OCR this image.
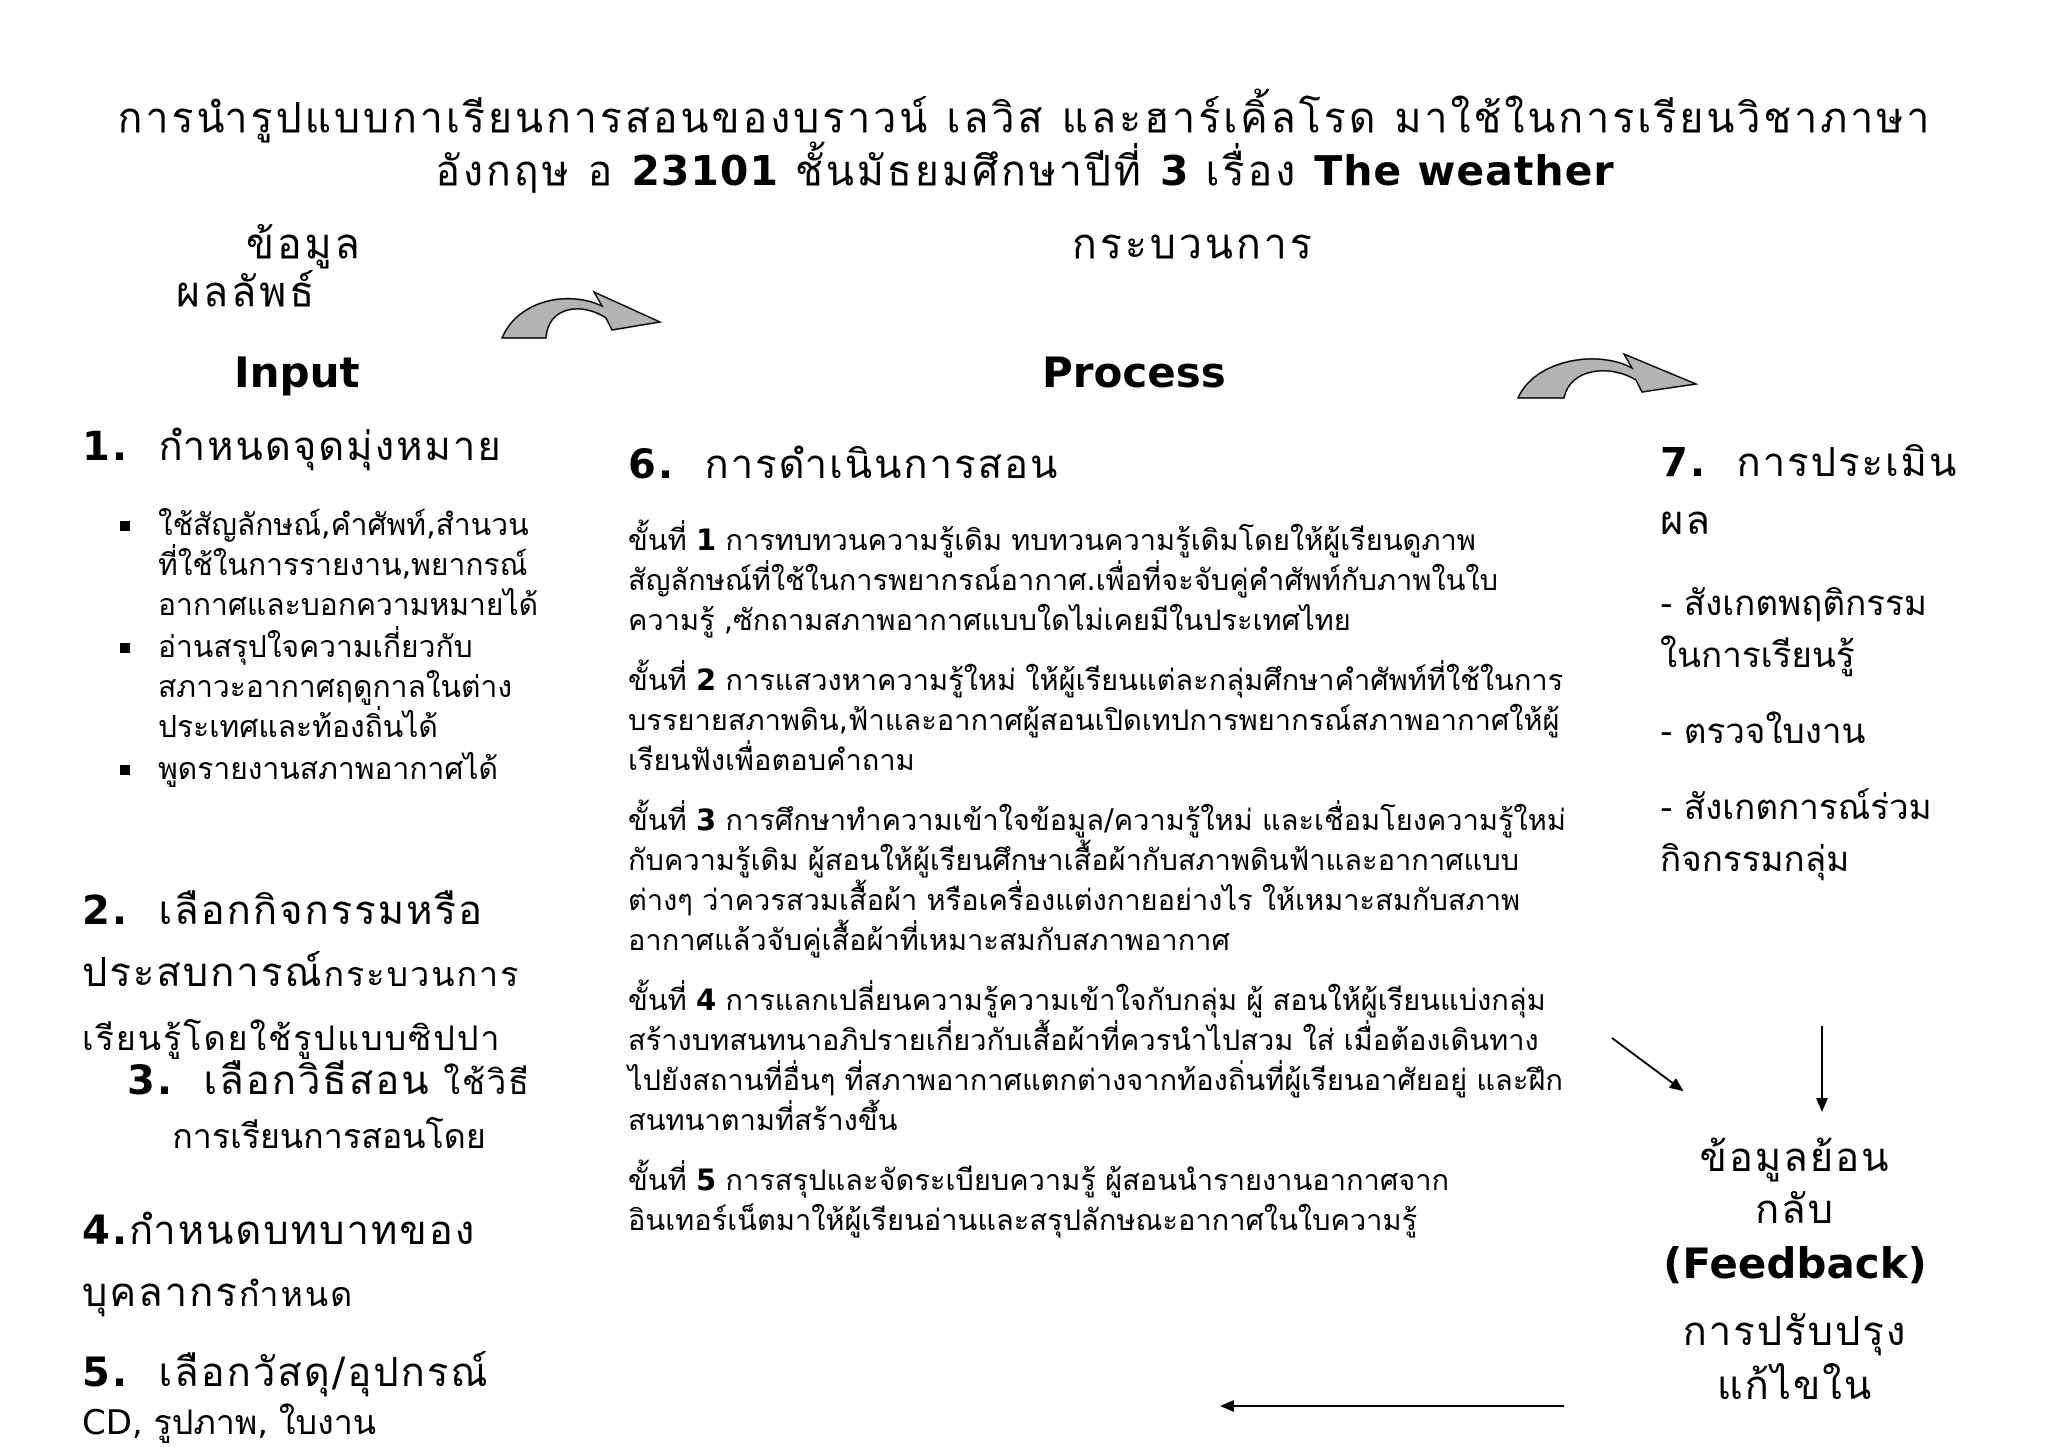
การนำรูปแบบกาเรียนการสอนของบราวน์ เลวิส และฮาร์เคิ้ลโรด มาใช้ในการเรียนวิชาภาษา
อังกฤษ อ 23101 ชั้นมัธยมศึกษาปีที่ 3 เรื่อง The weather
ข้อมูล
ผลลัพธ์
Input
กระบวนการ
Process
1. กำหนดจุดมุ่งหมาย
ใช้สัญลักษณ์,คำศัพท์,สำนวนที่ใช้ในการรายงาน,พยากรณ์อากาศและบอกความหมายได้
อ่านสรุปใจความเกี่ยวกับสภาวะอากาศฤดูกาลในต่างประเทศและท้องถิ่นได้
พูดรายงานสภาพอากาศได้
2. เลือกกิจกรรมหรือประสบการณ์กระบวนการเรียนรู้โดยใช้รูปแบบซิปปา
3. เลือกวิธีสอน ใช้วิธี
การเรียนการสอนโดย
4.กำหนดบทบาทของบุคลากรกำหนด
5. เลือกวัสดุ/อุปกรณ์
CD, รูปภาพ, ใบงาน
6. การดำเนินการสอน

ขั้นที่ 1 การทบทวนความรู้เดิม ทบทวนความรู้เดิมโดยให้ผู้เรียนดูภาพสัญลักษณ์ที่ใช้ในการพยากรณ์อากาศ.เพื่อที่จะจับคู่คำศัพท์กับภาพในใบความรู้ ,ซักถามสภาพอากาศแบบใดไม่เคยมีในประเทศไทย

ขั้นที่ 2 การแสวงหาความรู้ใหม่ ให้ผู้เรียนแต่ละกลุ่มศึกษาคำศัพท์ที่ใช้ในการบรรยายสภาพดิน,ฟ้าและอากาศผู้สอนเปิดเทปการพยากรณ์สภาพอากาศให้ผู้เรียนฟังเพื่อตอบคำถาม

ขั้นที่ 3 การศึกษาทำความเข้าใจข้อมูล/ความรู้ใหม่ และเชื่อมโยงความรู้ใหม่กับความรู้เดิม ผู้สอนให้ผู้เรียนศึกษาเสื้อผ้ากับสภาพดินฟ้าและอากาศแบบต่างๆ ว่าควรสวมเสื้อผ้า หรือเครื่องแต่งกายอย่างไร ให้เหมาะสมกับสภาพอากาศแล้วจับคู่เสื้อผ้าที่เหมาะสมกับสภาพอากาศ

ขั้นที่ 4 การแลกเปลี่ยนความรู้ความเข้าใจกับกลุ่ม ผู้ สอนให้ผู้เรียนแบ่งกลุ่มสร้างบทสนทนาอภิปรายเกี่ยวกับเสื้อผ้าที่ควรนำไปสวม ใส่ เมื่อต้องเดินทางไปยังสถานที่อื่นๆ ที่สภาพอากาศแตกต่างจากท้องถิ่นที่ผู้เรียนอาศัยอยู่ และฝึกสนทนาตามที่สร้างขึ้น

ขั้นที่ 5 การสรุปและจัดระเบียบความรู้ ผู้สอนนำรายงานอากาศจากอินเทอร์เน็ตมาให้ผู้เรียนอ่านและสรุปลักษณะอากาศในใบความรู้

7. การประเมินผล
- สังเกตพฤติกรรมในการเรียนรู้
- ตรวจใบงาน
- สังเกตการณ์ร่วมกิจกรรมกลุ่ม
ข้อมูลย้อน
กลับ
(Feedback)
การปรับปรุง
แก้ไขใน
